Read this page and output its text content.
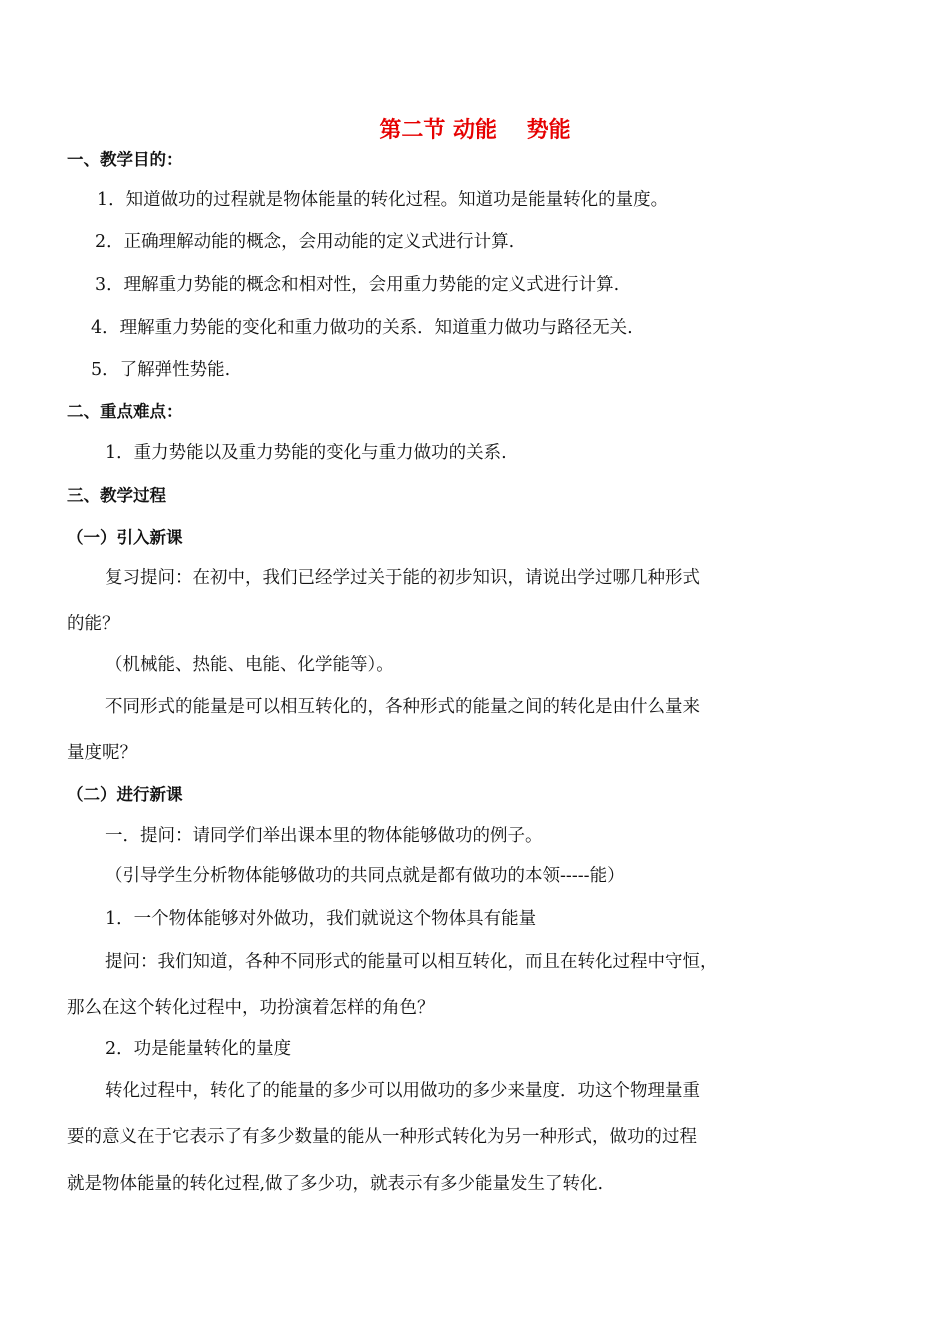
第二节 动能　 势能
一、教学目的：
1．知道做功的过程就是物体能量的转化过程。知道功是能量转化的量度。
2．正确理解动能的概念，会用动能的定义式进行计算.
3．理解重力势能的概念和相对性，会用重力势能的定义式进行计算.
4．理解重力势能的变化和重力做功的关系．知道重力做功与路径无关.
5．了解弹性势能.
二、重点难点：
1．重力势能以及重力势能的变化与重力做功的关系.
三、教学过程
（一）引入新课
复习提问：在初中，我们已经学过关于能的初步知识，请说出学过哪几种形式
的能？
（机械能、热能、电能、化学能等）。
不同形式的能量是可以相互转化的，各种形式的能量之间的转化是由什么量来
量度呢？
（二）进行新课
一．提问：请同学们举出课本里的物体能够做功的例子。
（引导学生分析物体能够做功的共同点就是都有做功的本领-----能）
1．一个物体能够对外做功，我们就说这个物体具有能量
提问：我们知道，各种不同形式的能量可以相互转化，而且在转化过程中守恒，
那么在这个转化过程中，功扮演着怎样的角色？
2．功是能量转化的量度
转化过程中，转化了的能量的多少可以用做功的多少来量度．功这个物理量重
要的意义在于它表示了有多少数量的能从一种形式转化为另一种形式，做功的过程
就是物体能量的转化过程,做了多少功，就表示有多少能量发生了转化.
